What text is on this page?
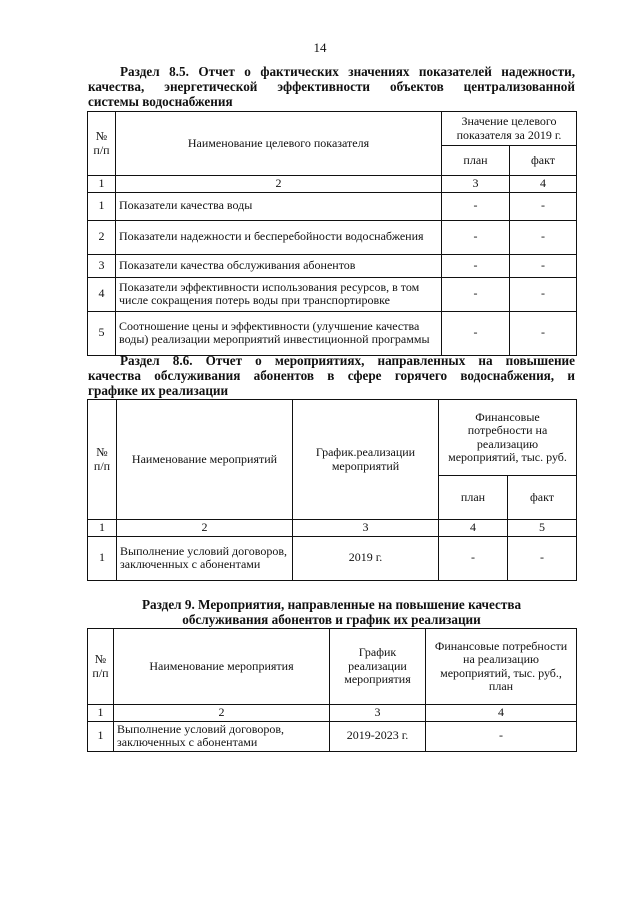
14
Раздел 8.5. Отчет о фактических значениях показателей надежности,
качества, энергетической эффективности объектов централизованной
системы водоснабжения
№ п/п	Наименование целевого показателя	Значение целевого показателя за 2019 г.	
		план	факт
1	2	3	4
1	Показатели качества воды	-	-
2	Показатели надежности и бесперебойности водоснабжения	-	-
3	Показатели качества обслуживания абонентов	-	-
4	Показатели эффективности использования ресурсов, в том числе сокращения потерь воды при транспортировке	-	-
5	Соотношение цены и эффективности (улучшение качества воды) реализации мероприятий инвестиционной программы	-	-
Раздел 8.6. Отчет о мероприятиях, направленных на повышение
качества обслуживания абонентов в сфере горячего водоснабжения, и
графике их реализации
№ п/п	Наименование мероприятий	График.реализации мероприятий	Финансовые потребности на реализацию мероприятий, тыс. руб.	
			план	факт
1	2	3	4	5
1	Выполнение условий договоров, заключенных с абонентами	2019 г.	-	-
Раздел 9. Мероприятия, направленные на повышение качества
обслуживания абонентов и график их реализации
№ п/п	Наименование мероприятия	График реализации мероприятия	Финансовые потребности на реализацию мероприятий, тыс. руб., план
1	2	3	4
1	Выполнение условий договоров, заключенных с абонентами	2019-2023 г.	-
